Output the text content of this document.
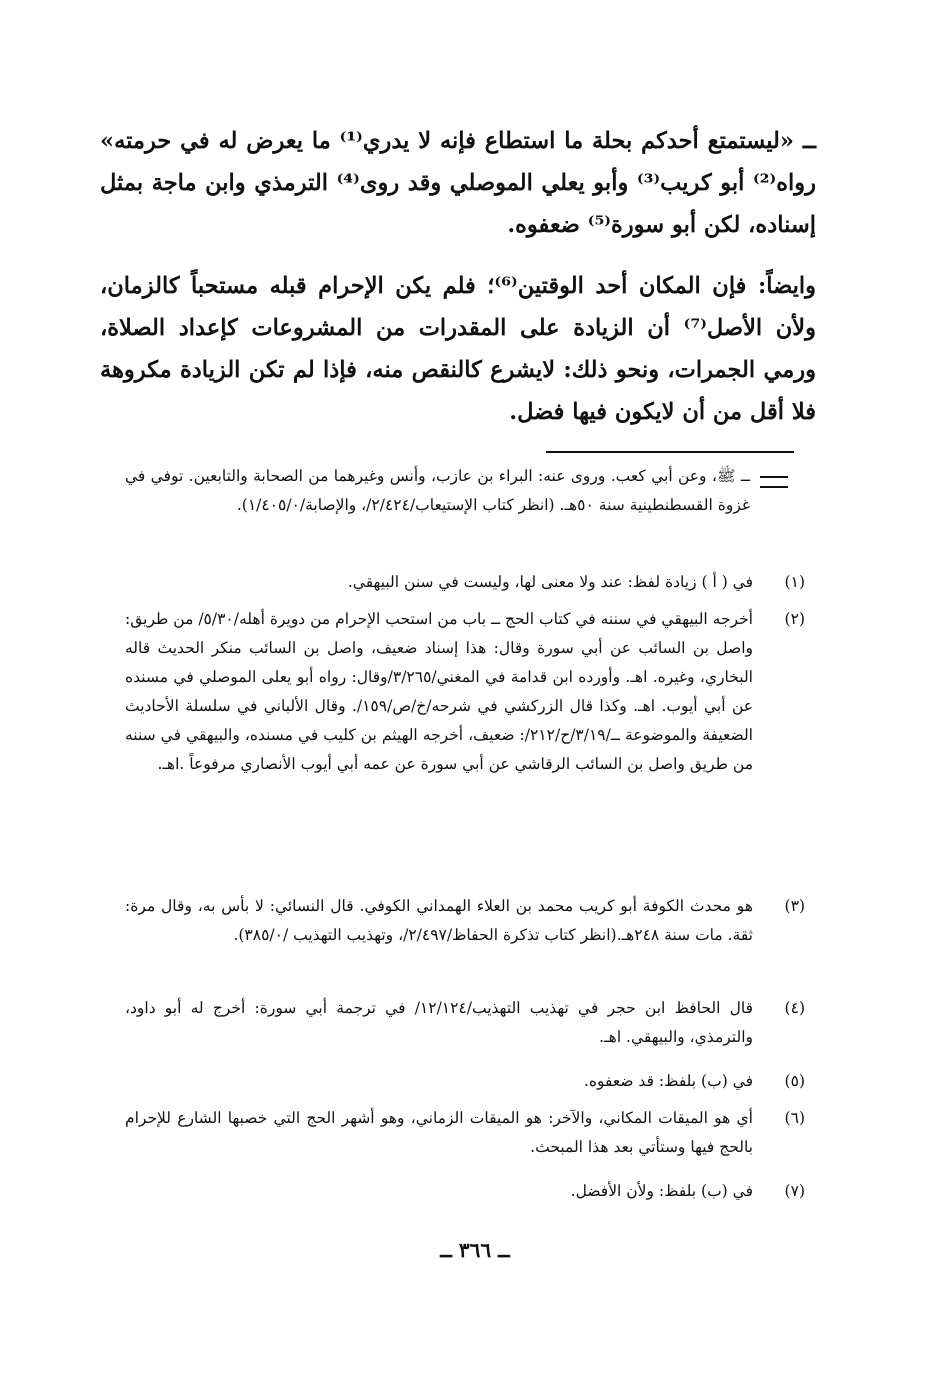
ــ «ليستمتع أحدكم بحلة ما استطاع فإنه لا يدري⁽¹⁾ ما يعرض له في حرمته» رواه⁽²⁾ أبو كريب⁽³⁾ وأبو يعلي الموصلي وقد روى⁽⁴⁾ الترمذي وابن ماجة بمثل إسناده، لكن أبو سورة⁽⁵⁾ ضعفوه.

وايضاً: فإن المكان أحد الوقتين⁽⁶⁾؛ فلم يكن الإحرام قبله مستحباً كالزمان، ولأن الأصل⁽⁷⁾ أن الزيادة على المقدرات من المشروعات كإعداد الصلاة، ورمي الجمرات، ونحو ذلك: لايشرع كالنقص منه، فإذا لم تكن الزيادة مكروهة فلا أقل من أن لايكون فيها فضل.

ــ ﷺ، وعن أبي كعب. وروى عنه: البراء بن عازب، وأنس وغيرهما من الصحابة والتابعين. توفي في غزوة القسطنطينية سنة ٥٠هـ. (انظر كتاب الإستيعاب/٢/٤٢٤/، والإصابة/١/٤٠٥/٠).
(١)
في ( أ ) زيادة لفظ: عند ولا معنى لها، وليست في سنن البيهقي.
(٢)
أخرجه البيهقي في سننه في كتاب الحج ــ باب من استحب الإحرام من دويرة أهله/٥/٣٠/ من طريق: واصل بن السائب عن أبي سورة وقال: هذا إسناد ضعيف، واصل بن السائب منكر الحديث قاله البخاري، وغيره. اهـ. وأورده ابن قدامة في المغني/٣/٢٦٥/وقال: رواه أبو يعلى الموصلي في مسنده عن أبي أيوب. اهـ. وكذا قال الزركشي في شرحه/خ/ص/١٥٩/. وقال الألباني في سلسلة الأحاديث الضعيفة والموضوعة ــ/٣/١٩/ح/٢١٢/: ضعيف، أخرجه الهيثم بن كليب في مسنده، والبيهقي في سننه من طريق واصل بن السائب الرقاشي عن أبي سورة عن عمه أبي أيوب الأنصاري مرفوعاً .اهـ.
(٣)
هو محدث الكوفة أبو كريب محمد بن العلاء الهمداني الكوفي. قال النسائي: لا بأس به، وقال مرة: ثقة. مات سنة ٢٤٨هـ.(انظر كتاب تذكرة الحفاظ/٢/٤٩٧/، وتهذيب التهذيب /٣٨٥/٠).
(٤)
قال الحافظ ابن حجر في تهذيب التهذيب/١٢/١٢٤/ في ترجمة أبي سورة: أخرج له أبو داود، والترمذي، والبيهقي. اهـ.
(٥)
في (ب) بلفظ: قد ضعفوه.
(٦)
أي هو الميقات المكاني، والآخر: هو الميقات الزماني، وهو أشهر الحج التي خصبها الشارع للإحرام بالحج فيها وستأتي بعد هذا المبحث.
(٧)
في (ب) بلفظ: ولأن الأفضل.
ــ ٣٦٦ ــ
